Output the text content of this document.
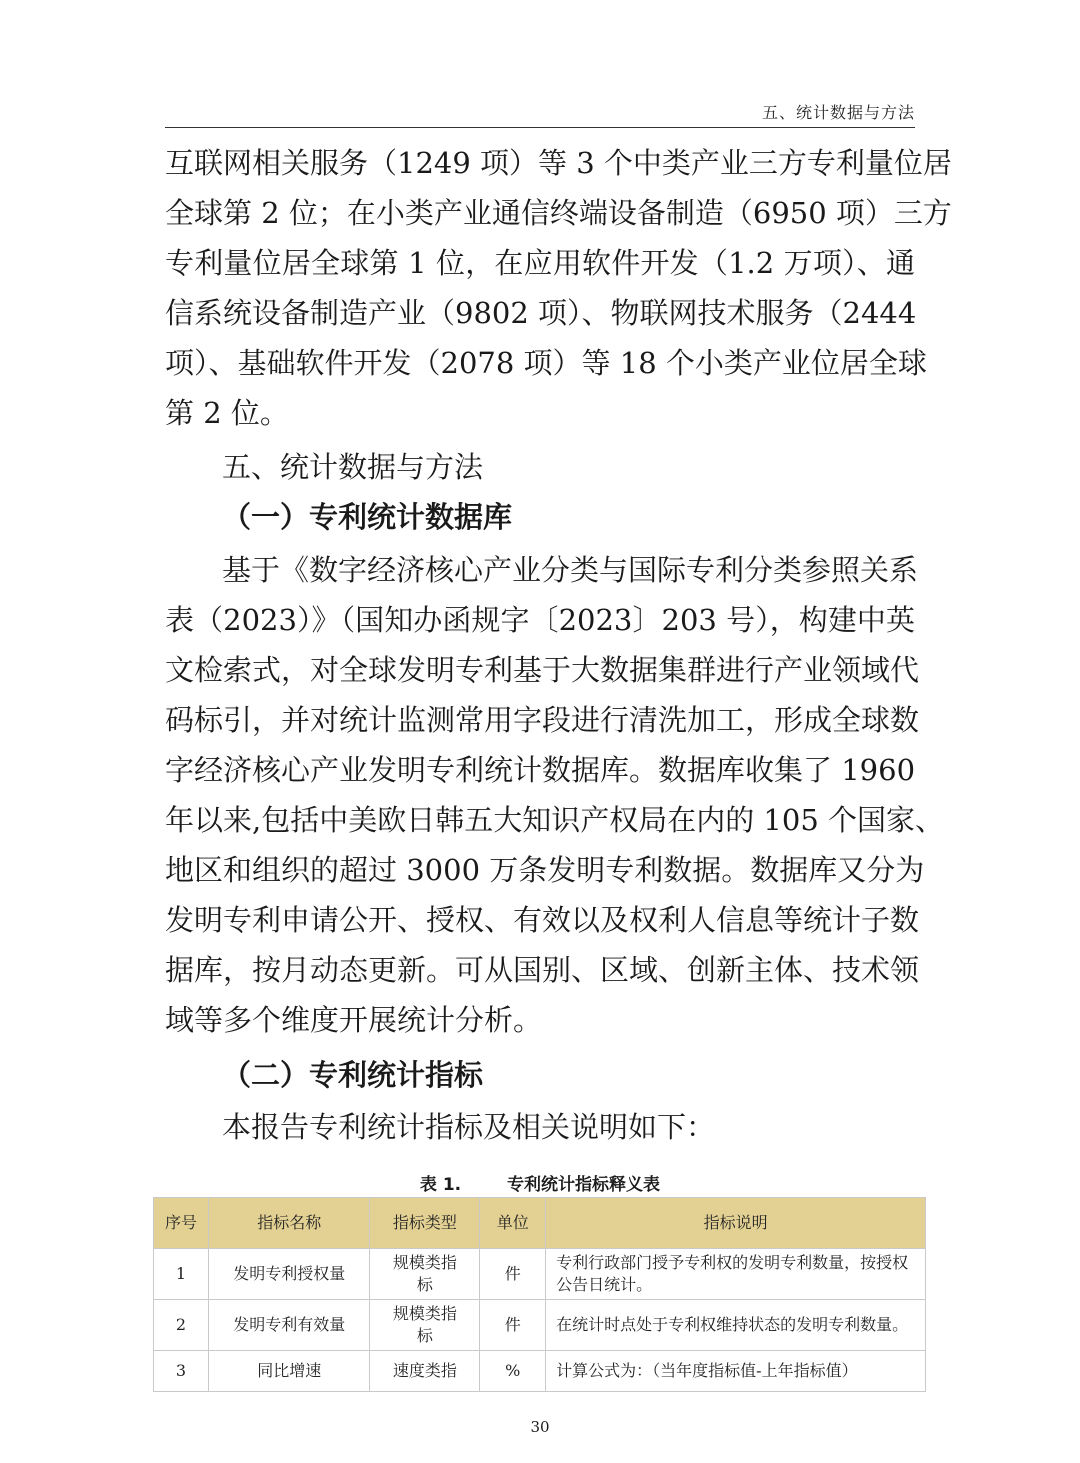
五、统计数据与方法
互联网相关服务（1249 项）等 3 个中类产业三方专利量位居
全球第 2 位；在小类产业通信终端设备制造（6950 项）三方
专利量位居全球第 1 位，在应用软件开发（1.2 万项）、通
信系统设备制造产业（9802 项）、物联网技术服务（2444
项）、基础软件开发（2078 项）等 18 个小类产业位居全球
第 2 位。
五、统计数据与方法
（一）专利统计数据库
基于《数字经济核心产业分类与国际专利分类参照关系
表（2023）》（国知办函规字〔2023〕203 号），构建中英
文检索式，对全球发明专利基于大数据集群进行产业领域代
码标引，并对统计监测常用字段进行清洗加工，形成全球数
字经济核心产业发明专利统计数据库。数据库收集了 1960
年以来,包括中美欧日韩五大知识产权局在内的 105 个国家、
地区和组织的超过 3000 万条发明专利数据。数据库又分为
发明专利申请公开、授权、有效以及权利人信息等统计子数
据库，按月动态更新。可从国别、区域、创新主体、技术领
域等多个维度开展统计分析。
（二）专利统计指标
本报告专利统计指标及相关说明如下：
表 1.	专利统计指标释义表
序号	指标名称	指标类型	单位	指标说明
1	发明专利授权量	规模类指标	件	专利行政部门授予专利权的发明专利数量，按授权公告日统计。
2	发明专利有效量	规模类指标	件	在统计时点处于专利权维持状态的发明专利数量。
3	同比增速	速度类指	%	计算公式为：（当年度指标值-上年指标值）
30
